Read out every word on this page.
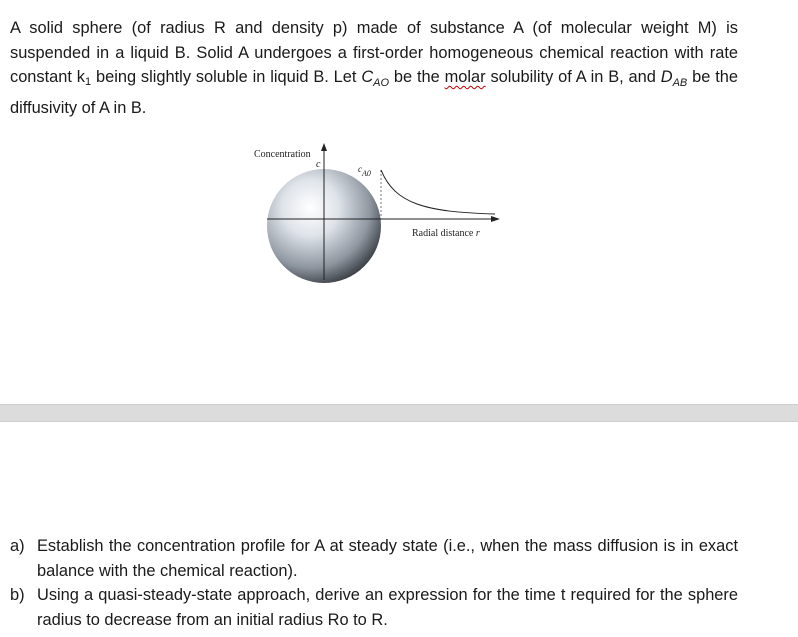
A solid sphere (of radius R and density p) made of substance A (of molecular weight M) is suspended in a liquid B. Solid A undergoes a first-order homogeneous chemical reaction with rate constant k1 being slightly soluble in liquid B. Let $C_{AO}$ be the molar solubility of A in B, and $D_{AB}$ be the diffusivity of A in B.

Concentration
c	cA0
Radial distance r
a) Establish the concentration profile for A at steady state (i.e., when the mass diffusion is in exact balance with the chemical reaction).
b) Using a quasi-steady-state approach, derive an expression for the time t required for the sphere radius to decrease from an initial radius Ro to R.
